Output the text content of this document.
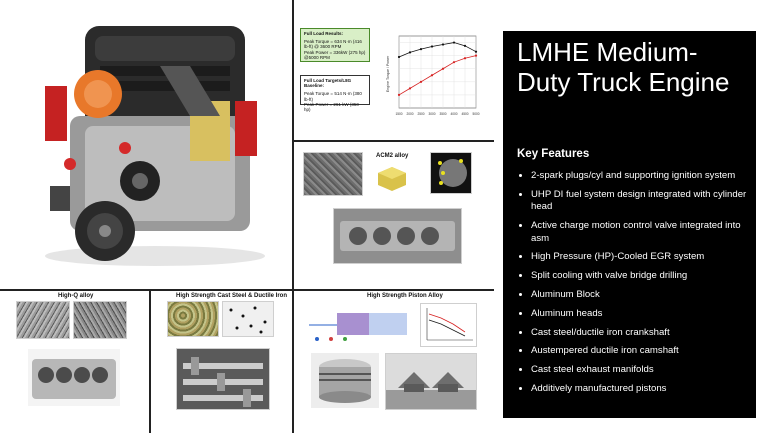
Full Load Results:
Peak Torque = 634 N·m (416 lb-ft) @ 3600 RPM
Peak Power = 336kW (275 hp) @5000 RPM
Full Load Targets/L8G Baseline:
Peak Torque = 514 N·m (380 lb-ft)
Peak Power = 261 kW (350 hp)
Engine Torque / Power
1500 2000 2500 3000 3500 4000 4500 5000
ACM2 alloy
High-Q alloy	High Strength Cast Steel & Ductile Iron	High Strength Piston Alloy
LMHE Medium-Duty Truck Engine
Key Features
• 2-spark plugs/cyl and supporting ignition system
• UHP DI fuel system design integrated with cylinder head
• Active charge motion control valve integrated into asm
• High Pressure (HP)-Cooled EGR system
• Split cooling with valve bridge drilling
• Aluminum Block
• Aluminum heads
• Cast steel/ductile iron crankshaft
• Austempered ductile iron camshaft
• Cast steel exhaust manifolds
• Additively manufactured pistons
